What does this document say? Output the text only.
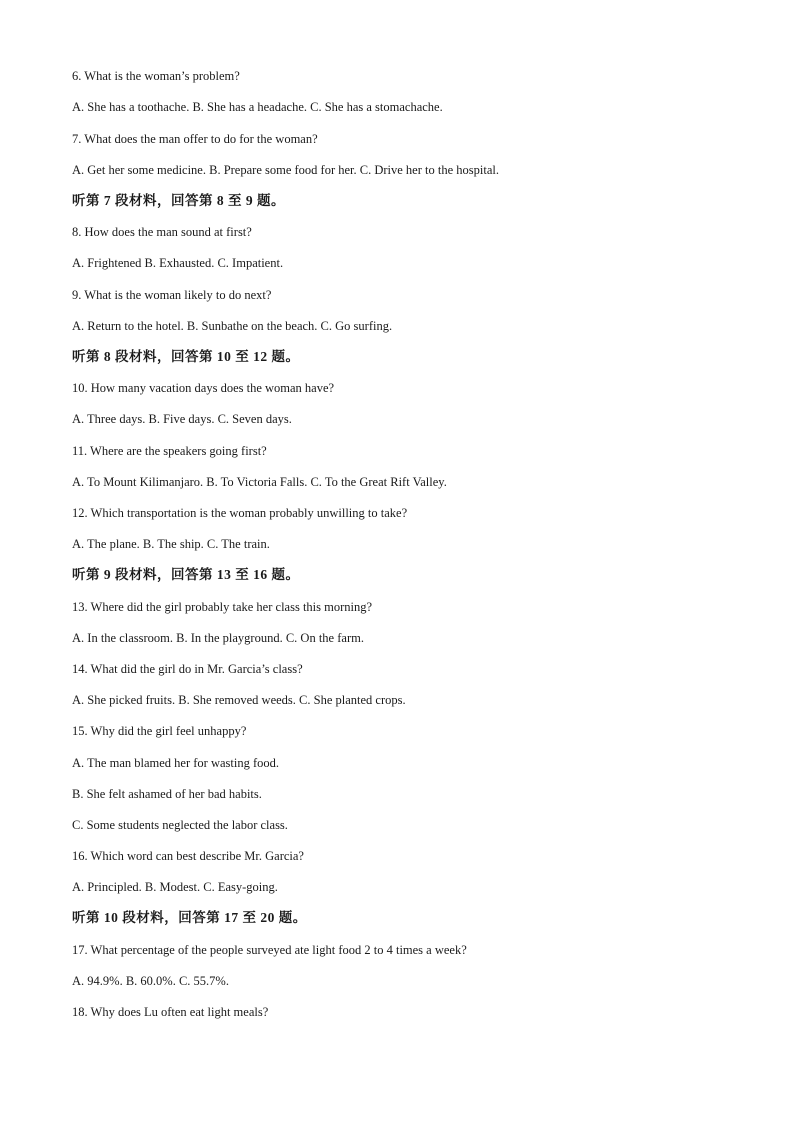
6. What is the woman’s problem?
A. She has a toothache. B. She has a headache. C. She has a stomachache.
7. What does the man offer to do for the woman?
A. Get her some medicine. B. Prepare some food for her. C. Drive her to the hospital.
听第 7 段材料，回答第 8 至 9 题。
8. How does the man sound at first?
A. Frightened B. Exhausted. C. Impatient.
9. What is the woman likely to do next?
A. Return to the hotel. B. Sunbathe on the beach. C. Go surfing.
听第 8 段材料，回答第 10 至 12 题。
10. How many vacation days does the woman have?
A. Three days. B. Five days. C. Seven days.
11. Where are the speakers going first?
A. To Mount Kilimanjaro. B. To Victoria Falls. C. To the Great Rift Valley.
12. Which transportation is the woman probably unwilling to take?
A. The plane. B. The ship. C. The train.
听第 9 段材料，回答第 13 至 16 题。
13. Where did the girl probably take her class this morning?
A. In the classroom. B. In the playground. C. On the farm.
14. What did the girl do in Mr. Garcia’s class?
A. She picked fruits. B. She removed weeds. C. She planted crops.
15. Why did the girl feel unhappy?
A. The man blamed her for wasting food.
B. She felt ashamed of her bad habits.
C. Some students neglected the labor class.
16. Which word can best describe Mr. Garcia?
A. Principled. B. Modest. C. Easy-going.
听第 10 段材料，回答第 17 至 20 题。
17. What percentage of the people surveyed ate light food 2 to 4 times a week?
A. 94.9%. B. 60.0%. C. 55.7%.
18. Why does Lu often eat light meals?
